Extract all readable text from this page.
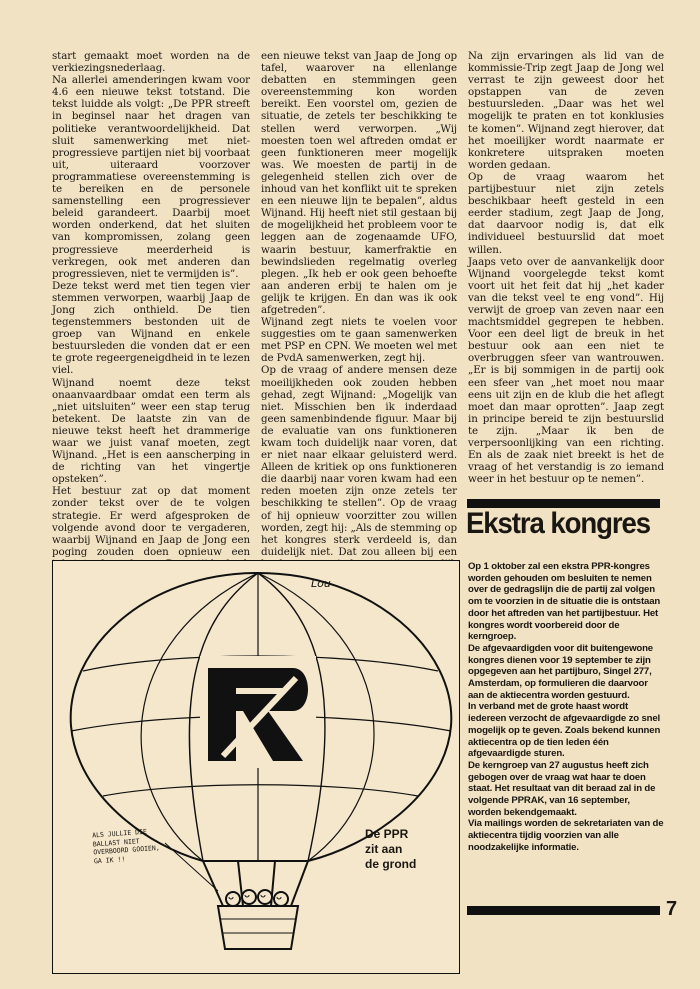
start gemaakt moet worden na de verkiezingsnederlaag.

Na allerlei amenderingen kwam voor 4.6 een nieuwe tekst totstand. Die tekst luidde als volgt: „De PPR streeft in beginsel naar het dragen van politieke verantwoordelijkheid. Dat sluit samenwerking met niet-progressieve partijen niet bij voorbaat uit, uiteraard voorzover programmatiese overeenstemming is te bereiken en de personele samenstelling een progressiever beleid garandeert. Daarbij moet worden onderkend, dat het sluiten van kompromissen, zolang geen progressieve meerderheid is verkregen, ook met anderen dan progressieven, niet te vermijden is”.

Deze tekst werd met tien tegen vier stemmen verworpen, waarbij Jaap de Jong zich onthield. De tien tegenstemmers bestonden uit de groep van Wijnand en enkele bestuursleden die vonden dat er een te grote regeergeneigdheid in te lezen viel.

Wijnand noemt deze tekst onaanvaardbaar omdat een term als „niet uitsluiten” weer een stap terug betekent. De laatste zin van de nieuwe tekst heeft het drammerige waar we juist vanaf moeten, zegt Wijnand. „Het is een aanscherping in de richting van het vingertje opsteken”.

Het bestuur zat op dat moment zonder tekst over de te volgen strategie. Er werd afgesproken de volgende avond door te vergaderen, waarbij Wijnand en Jaap de Jong een poging zouden doen opnieuw een

een nieuwe tekst van Jaap de Jong op tafel, waarover na ellenlange debatten en stemmingen geen overeenstemming kon worden bereikt. Een voorstel om, gezien de situatie, de zetels ter beschikking te stellen werd verworpen. „Wij moesten toen wel aftreden omdat er geen funktioneren meer mogelijk was. We moesten de partij in de gelegenheid stellen zich over de inhoud van het konflikt uit te spreken en een nieuwe lijn te bepalen”, aldus Wijnand. Hij heeft niet stil gestaan bij de mogelijkheid het probleem voor te leggen aan de zogenaamde UFO, waarin bestuur, kamerfraktie en bewindslieden regelmatig overleg plegen. „Ik heb er ook geen behoefte aan anderen erbij te halen om je gelijk te krijgen. En dan was ik ook afgetreden”.

Wijnand zegt niets te voelen voor suggesties om te gaan samenwerken met PSP en CPN. We moeten wel met de PvdA samenwerken, zegt hij.

Op de vraag of andere mensen deze moeilijkheden ook zouden hebben gehad, zegt Wijnand: „Mogelijk van niet. Misschien ben ik inderdaad geen samenbindende figuur. Maar bij de evaluatie van ons funktioneren kwam toch duidelijk naar voren, dat er niet naar elkaar geluisterd werd. Alleen de kritiek op ons funktioneren die daarbij naar voren kwam had een reden moeten zijn onze zetels ter beschikking te stellen”. Op de vraag of hij opnieuw voorzitter zou willen worden, zegt hij: „Als de stemming op het kongres sterk verdeeld is, dan duidelijk niet. Dat zou alleen bij een

Na zijn ervaringen als lid van de kommissie-Trip zegt Jaap de Jong wel verrast te zijn geweest door het opstappen van de zeven bestuursleden. „Daar was het wel mogelijk te praten en tot konklusies te komen”. Wijnand zegt hierover, dat het moeilijker wordt naarmate er konkretere uitspraken moeten worden gedaan.

Op de vraag waarom het partijbestuur niet zijn zetels beschikbaar heeft gesteld in een eerder stadium, zegt Jaap de Jong, dat daarvoor nodig is, dat elk individueel bestuurslid dat moet willen.

Jaaps veto over de aanvankelijk door Wijnand voorgelegde tekst komt voort uit het feit dat hij „het kader van die tekst veel te eng vond”. Hij verwijt de groep van zeven naar een machtsmiddel gegrepen te hebben. Voor een deel ligt de breuk in het bestuur ook aan een niet te overbruggen sfeer van wantrouwen. „Er is bij sommigen in de partij ook een sfeer van „het moet nou maar eens uit zijn en de klub die het aflegt moet dan maar oprotten”. Jaap zegt in principe bereid te zijn bestuurslid te zijn. „Maar ik ben de verpersoonlijking van een richting. En als de zaak niet breekt is het de vraag of het verstandig is zo iemand weer in het bestuur op te nemen”.

Ekstra kongres

Op 1 oktober zal een ekstra PPR-kongres worden gehouden om besluiten te nemen over de gedragslijn die de partij zal volgen om te voorzien in de situatie die is ontstaan door het aftreden van het partijbestuur. Het kongres wordt voorbereid door de kerngroep.

De afgevaardigden voor dit buitengewone kongres dienen voor 19 september te zijn opgegeven aan het partijburo, Singel 277, Amsterdam, op formulieren die daarvoor aan de aktiecentra worden gestuurd.

In verband met de grote haast wordt iedereen verzocht de afgevaardigde zo snel mogelijk op te geven. Zoals bekend kunnen aktiecentra op de tien leden één afgevaardigde sturen.

De kerngroep van 27 augustus heeft zich gebogen over de vraag wat haar te doen staat. Het resultaat van dit beraad zal in de volgende PPRAK, van 16 september, worden bekendgemaakt.

Via mailings worden de sekretariaten van de aktiecentra tijdig voorzien van alle noodzakelijke informatie.

7
Lou
ALS JULLIE DIE BALLAST NIET OVERBOORD GOOIEN, GA IK !!
De PPR
zit aan
de grond
